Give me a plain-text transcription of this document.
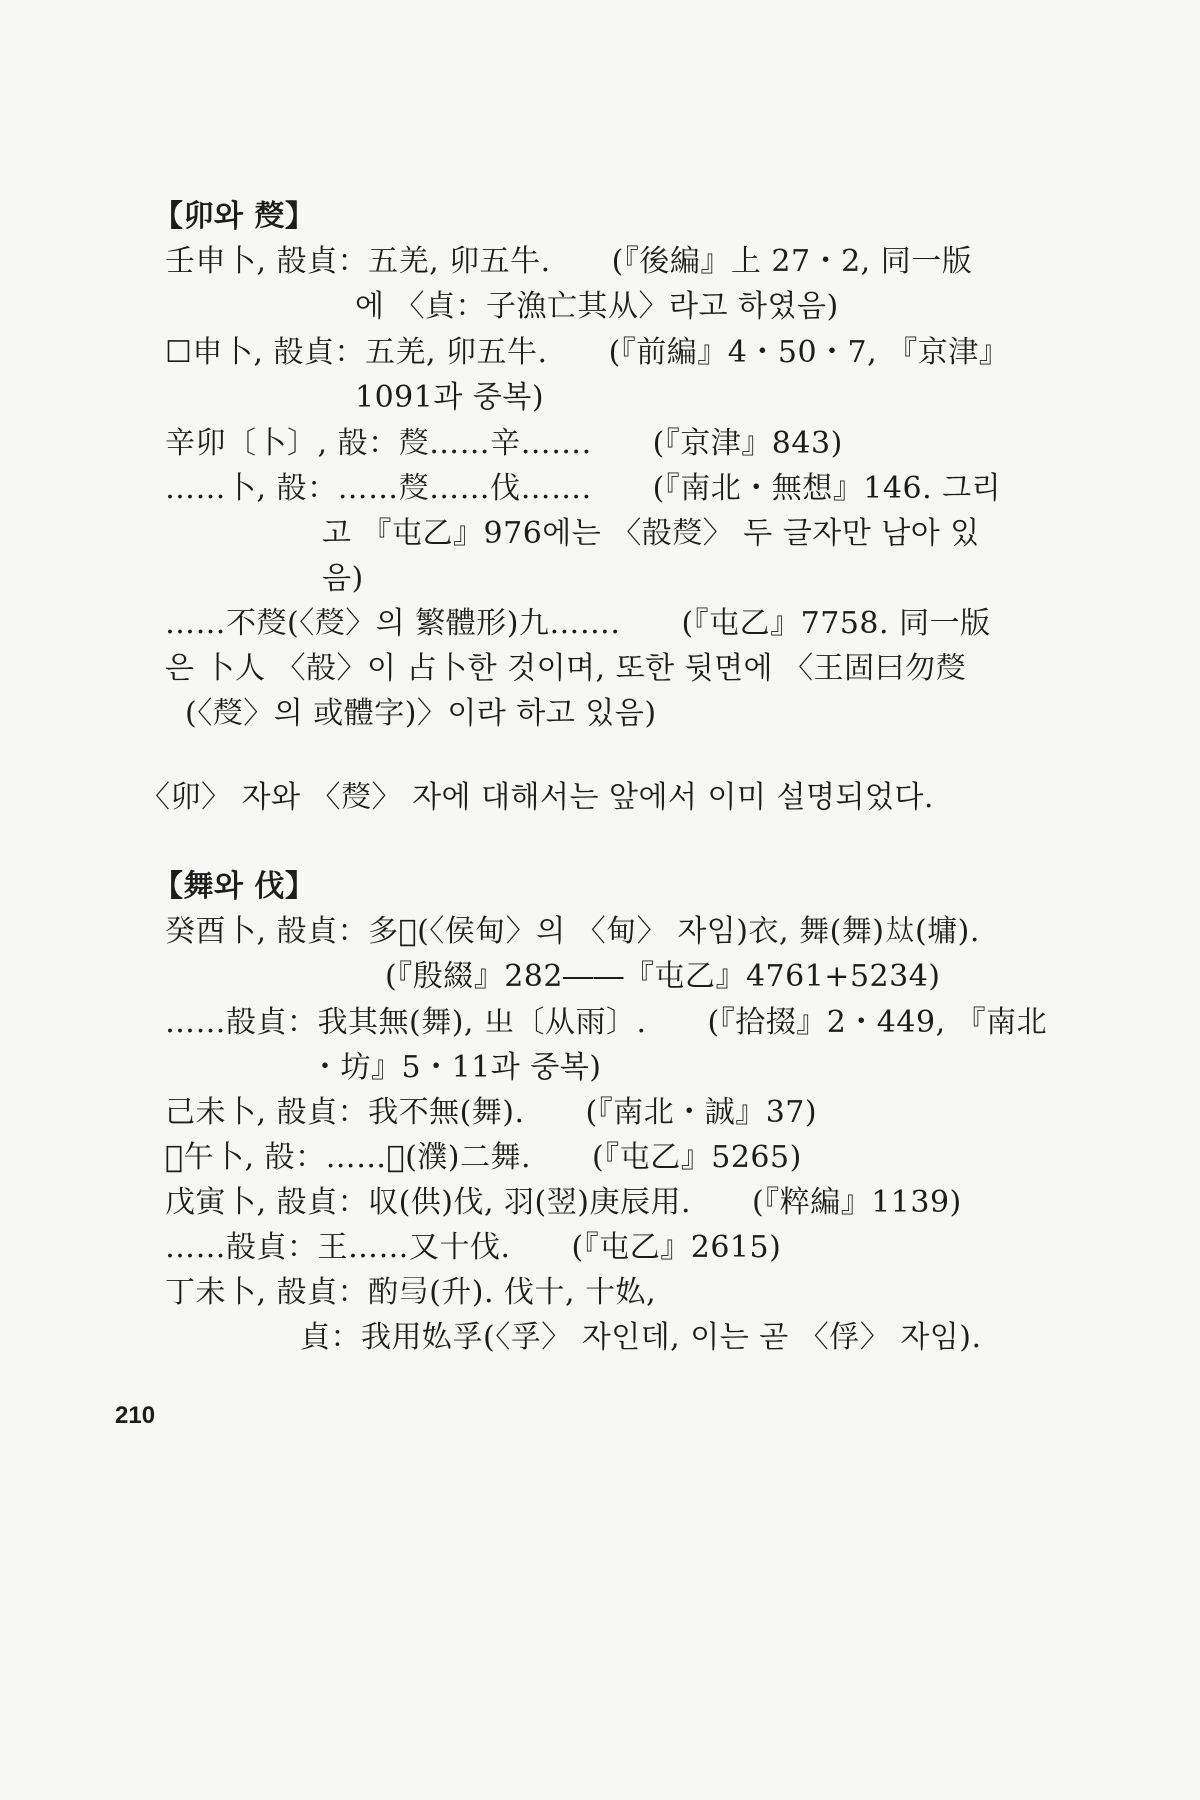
【卯와 𠭰】
壬申卜, 㱿貞：五羌, 卯五牛.　　(『後編』上 27・2, 同一版
에 〈貞：子漁亡其从〉라고 하였음)
☐申卜, 㱿貞：五羌, 卯五牛.　　(『前編』4・50・7, 『京津』
1091과 중복)
辛卯〔卜〕, 㱿：𠭰……辛…….　　(『京津』843)
……卜, 㱿：……𠭰……伐…….　　(『南北・無想』146. 그리
고 『屯乙』976에는 〈㱿𠭰〉 두 글자만 남아 있
음)
……不𠭰(〈𠭰〉의 繁體形)九…….　　(『屯乙』7758. 同一版
은 卜人 〈㱿〉이 占卜한 것이며, 또한 뒷면에 〈王固曰勿𠭰
(〈𠭰〉의 或體字)〉이라 하고 있음)
〈卯〉 자와 〈𠭰〉 자에 대해서는 앞에서 이미 설명되었다.
【舞와 伐】
癸酉卜, 㱿貞：多𠊊(〈侯甸〉의 〈甸〉 자임)衣, 舞(舞)𡘋(墉).
(『殷綴』282――『屯乙』4761+5234)
……㱿貞：我其無(舞), 㞢〔从雨〕.　　(『拾掇』2・449, 『南北
・坊』5・11과 중복)
己未卜, 㱿貞：我不無(舞).　　(『南北・誠』37)
☐午卜, 㱿：……𡧊(濮)二舞.　　(『屯乙』5265)
戊寅卜, 㱿貞：収(供)伐, 羽(翌)庚辰用.　　(『粹編』1139)
……㱿貞：王……又十伐.　　(『屯乙』2615)
丁未卜, 㱿貞：酌𢎥(升). 伐十, 十𡚸,
貞：我用𡚸孚(〈孚〉 자인데, 이는 곧 〈俘〉 자임).
210
